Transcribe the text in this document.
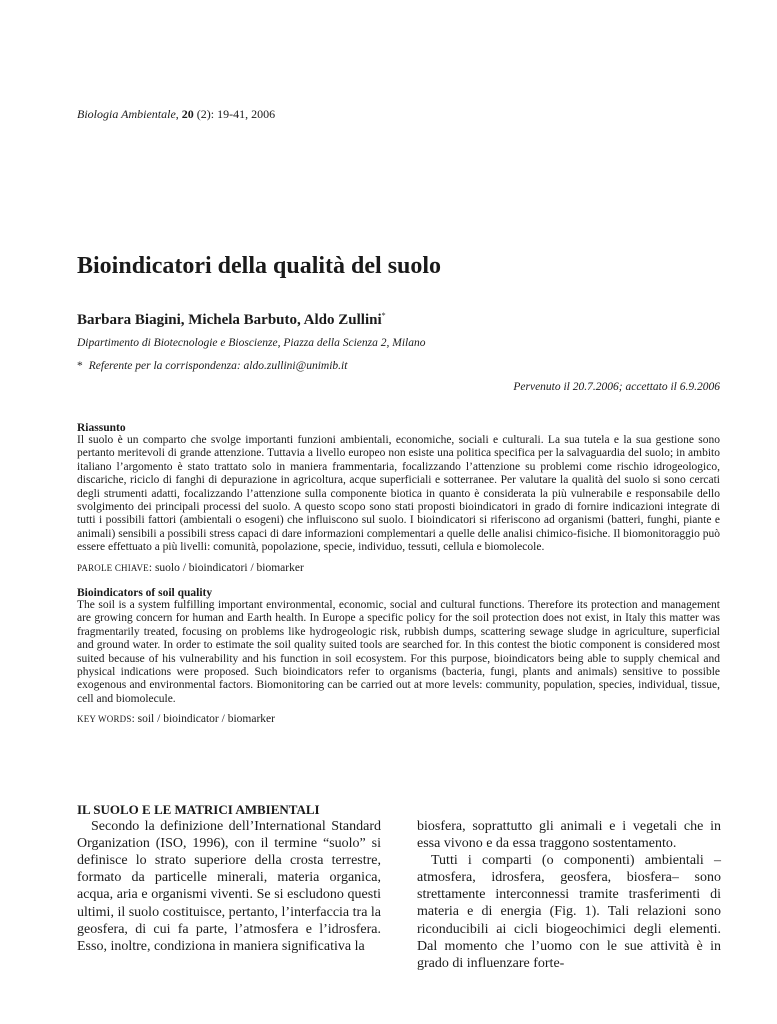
Biologia Ambientale, 20 (2): 19-41, 2006
Bioindicatori della qualità del suolo
Barbara Biagini, Michela Barbuto, Aldo Zullini*
Dipartimento di Biotecnologie e Bioscienze, Piazza della Scienza 2, Milano
* Referente per la corrispondenza: aldo.zullini@unimib.it
Pervenuto il 20.7.2006; accettato il 6.9.2006
Riassunto

Il suolo è un comparto che svolge importanti funzioni ambientali, economiche, sociali e culturali. La sua tutela e la sua gestione sono pertanto meritevoli di grande attenzione. Tuttavia a livello europeo non esiste una politica specifica per la salvaguardia del suolo; in ambito italiano l’argomento è stato trattato solo in maniera frammentaria, focalizzando l’attenzione su problemi come rischio idrogeologico, discariche, riciclo di fanghi di depurazione in agricoltura, acque superficiali e sotterranee. Per valutare la qualità del suolo si sono cercati degli strumenti adatti, focalizzando l’attenzione sulla componente biotica in quanto è considerata la più vulnerabile e responsabile dello svolgimento dei principali processi del suolo. A questo scopo sono stati proposti bioindicatori in grado di fornire indicazioni integrate di tutti i possibili fattori (ambientali o esogeni) che influiscono sul suolo. I bioindicatori si riferiscono ad organismi (batteri, funghi, piante e animali) sensibili a possibili stress capaci di dare informazioni complementari a quelle delle analisi chimico-fisiche. Il biomonitoraggio può essere effettuato a più livelli: comunità, popolazione, specie, individuo, tessuti, cellula e biomolecole.

PAROLE CHIAVE: suolo / bioindicatori / biomarker
Bioindicators of soil quality

The soil is a system fulfilling important environmental, economic, social and cultural functions. Therefore its protection and management are growing concern for human and Earth health. In Europe a specific policy for the soil protection does not exist, in Italy this matter was fragmentarily treated, focusing on problems like hydrogeologic risk, rubbish dumps, scattering sewage sludge in agriculture, superficial and ground water. In order to estimate the soil quality suited tools are searched for. In this contest the biotic component is considered most suited because of his vulnerability and his function in soil ecosystem. For this purpose, bioindicators being able to supply chemical and physical indications were proposed. Such bioindicators refer to organisms (bacteria, fungi, plants and animals) sensitive to possible exogenous and environmental factors. Biomonitoring can be carried out at more levels: community, population, species, individual, tissue, cell and biomolecule.

KEY WORDS: soil / bioindicator / biomarker
IL SUOLO E LE MATRICI AMBIENTALI

Secondo la definizione dell’International Standard Organization (ISO, 1996), con il termine “suolo” si definisce lo strato superiore della crosta terrestre, formato da particelle minerali, materia organica, acqua, aria e organismi viventi. Se si escludono questi ultimi, il suolo costituisce, pertanto, l’interfaccia tra la geosfera, di cui fa parte, l’atmosfera e l’idrosfera. Esso, inoltre, condiziona in maniera significativa la

biosfera, soprattutto gli animali e i vegetali che in essa vivono e da essa traggono sostentamento.

Tutti i comparti (o componenti) ambientali –atmosfera, idrosfera, geosfera, biosfera– sono strettamente interconnessi tramite trasferimenti di materia e di energia (Fig. 1). Tali relazioni sono riconducibili ai cicli biogeochimici degli elementi. Dal momento che l’uomo con le sue attività è in grado di influenzare forte-
